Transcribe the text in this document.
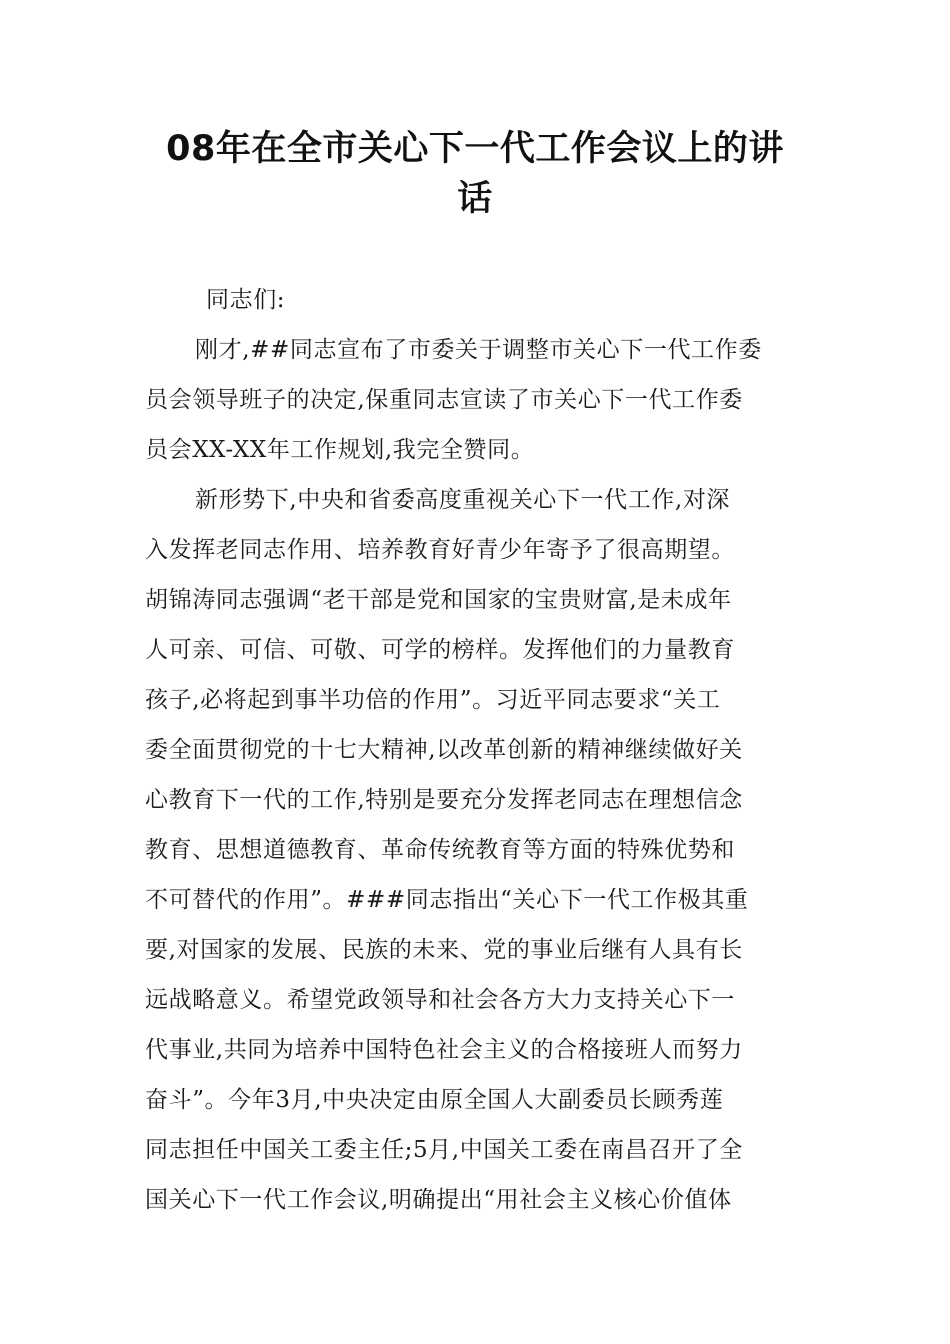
08年在全市关心下一代工作会议上的讲
话
同志们:
刚才,##同志宣布了市委关于调整市关心下一代工作委
员会领导班子的决定,保重同志宣读了市关心下一代工作委
员会XX-XX年工作规划,我完全赞同。
新形势下,中央和省委高度重视关心下一代工作,对深
入发挥老同志作用、培养教育好青少年寄予了很高期望。
胡锦涛同志强调“老干部是党和国家的宝贵财富,是未成年
人可亲、可信、可敬、可学的榜样。发挥他们的力量教育
孩子,必将起到事半功倍的作用”。习近平同志要求“关工
委全面贯彻党的十七大精神,以改革创新的精神继续做好关
心教育下一代的工作,特别是要充分发挥老同志在理想信念
教育、思想道德教育、革命传统教育等方面的特殊优势和
不可替代的作用”。###同志指出“关心下一代工作极其重
要,对国家的发展、民族的未来、党的事业后继有人具有长
远战略意义。希望党政领导和社会各方大力支持关心下一
代事业,共同为培养中国特色社会主义的合格接班人而努力
奋斗”。今年3月,中央决定由原全国人大副委员长顾秀莲
同志担任中国关工委主任;5月,中国关工委在南昌召开了全
国关心下一代工作会议,明确提出“用社会主义核心价值体
